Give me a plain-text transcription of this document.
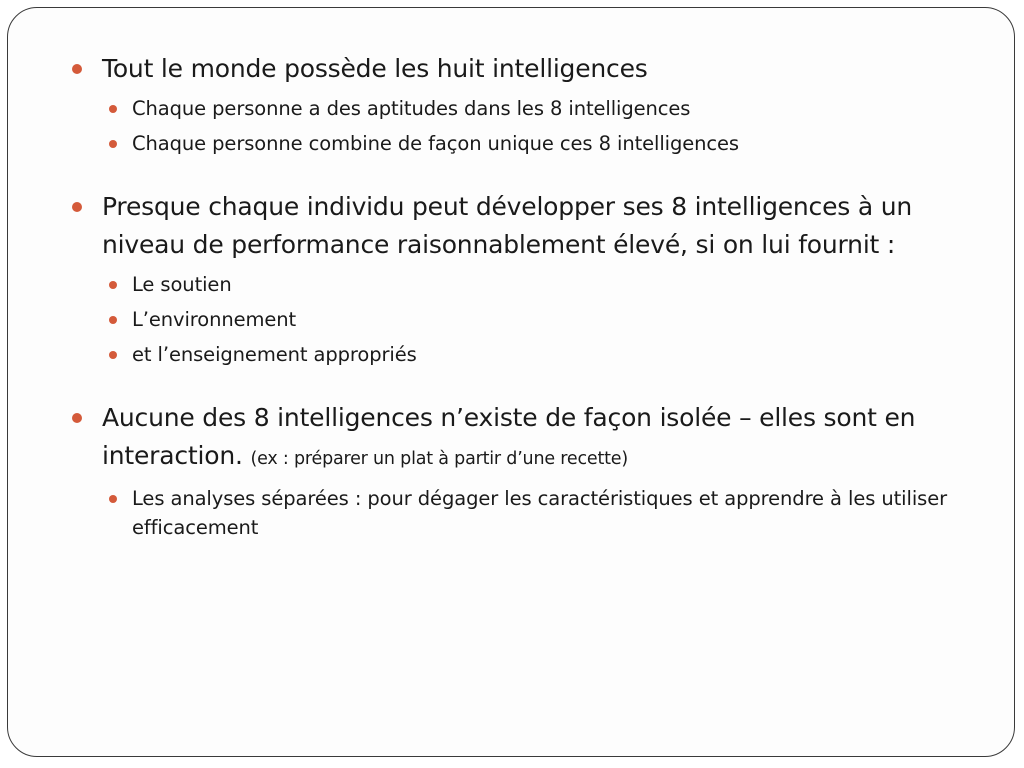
Tout le monde possède les huit intelligences
Chaque personne a des aptitudes dans les 8 intelligences
Chaque personne combine de façon unique ces 8 intelligences
Presque chaque individu peut développer ses 8 intelligences à un niveau de performance raisonnablement élevé, si on lui fournit :
Le soutien
L’environnement
et l’enseignement appropriés
Aucune des 8 intelligences n’existe de façon isolée – elles sont en interaction. (ex : préparer un plat à partir d’une recette)
Les analyses séparées : pour dégager les caractéristiques et apprendre à les utiliser efficacement
